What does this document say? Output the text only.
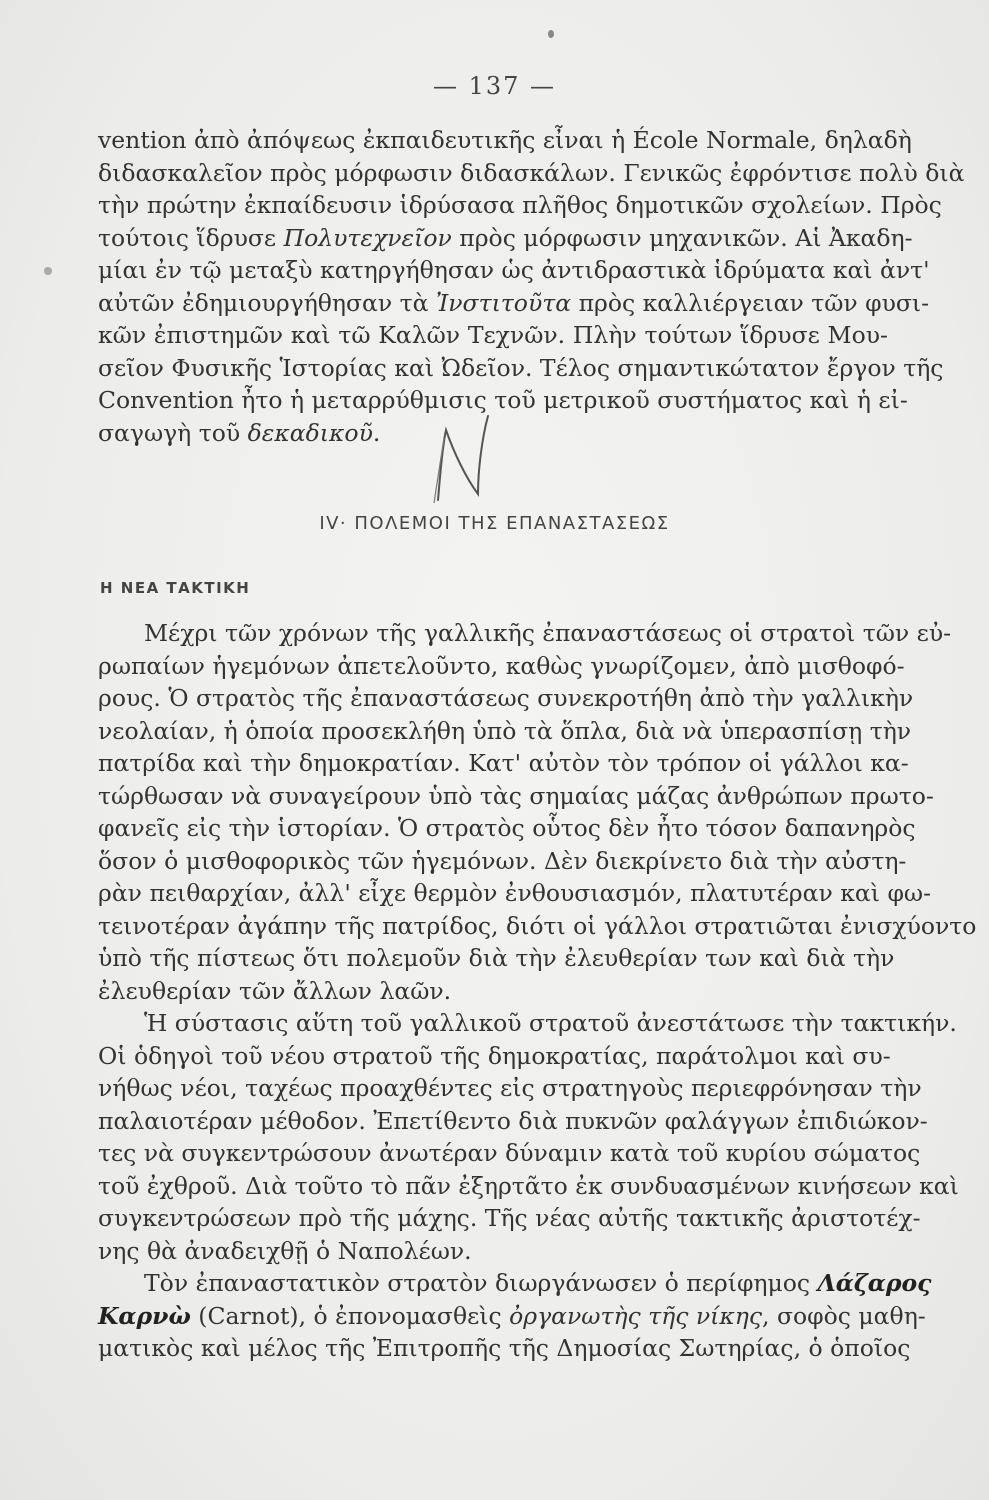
— 137 —
vention ἀπὸ ἀπόψεως ἐκπαιδευτικῆς εἶναι ἡ École Normale, δηλαδὴ
διδασκαλεῖον πρὸς μόρφωσιν διδασκάλων. Γενικῶς ἐφρόντισε πολὺ διὰ
τὴν πρώτην ἐκπαίδευσιν ἱδρύσασα πλῆθος δημοτικῶν σχολείων. Πρὸς
τούτοις ἵδρυσε Πολυτεχνεῖον πρὸς μόρφωσιν μηχανικῶν. Αἱ Ἀκαδη-
μίαι ἐν τῷ μεταξὺ κατηργήθησαν ὡς ἀντιδραστικὰ ἱδρύματα καὶ ἀντ'
αὐτῶν ἐδημιουργήθησαν τὰ Ἰνστιτοῦτα πρὸς καλλιέργειαν τῶν φυσι-
κῶν ἐπιστημῶν καὶ τῶ Καλῶν Τεχνῶν. Πλὴν τούτων ἵδρυσε Μου-
σεῖον Φυσικῆς Ἱστορίας καὶ Ὠδεῖον. Τέλος σημαντικώτατον ἔργον τῆς
Convention ἦτο ἡ μεταρρύθμισις τοῦ μετρικοῦ συστήματος καὶ ἡ εἰ-
σαγωγὴ τοῦ δεκαδικοῦ.
IV· ΠΟΛΕΜΟΙ ΤΗΣ ΕΠΑΝΑΣΤΑΣΕΩΣ
Η ΝΕΑ ΤΑΚΤΙΚΗ
Μέχρι τῶν χρόνων τῆς γαλλικῆς ἐπαναστάσεως οἱ στρατοὶ τῶν εὐ-
ρωπαίων ἡγεμόνων ἀπετελοῦντο, καθὼς γνωρίζομεν, ἀπὸ μισθοφό-
ρους. Ὁ στρατὸς τῆς ἐπαναστάσεως συνεκροτήθη ἀπὸ τὴν γαλλικὴν
νεολαίαν, ἡ ὁποία προσεκλήθη ὑπὸ τὰ ὅπλα, διὰ νὰ ὑπερασπίσῃ τὴν
πατρίδα καὶ τὴν δημοκρατίαν. Κατ' αὐτὸν τὸν τρόπον οἱ γάλλοι κα-
τώρθωσαν νὰ συναγείρουν ὑπὸ τὰς σημαίας μάζας ἀνθρώπων πρωτο-
φανεῖς εἰς τὴν ἱστορίαν. Ὁ στρατὸς οὗτος δὲν ἦτο τόσον δαπανηρὸς
ὅσον ὁ μισθοφορικὸς τῶν ἡγεμόνων. Δὲν διεκρίνετο διὰ τὴν αὐστη-
ρὰν πειθαρχίαν, ἀλλ' εἶχε θερμὸν ἐνθουσιασμόν, πλατυτέραν καὶ φω-
τεινοτέραν ἀγάπην τῆς πατρίδος, διότι οἱ γάλλοι στρατιῶται ἐνισχύοντο
ὑπὸ τῆς πίστεως ὅτι πολεμοῦν διὰ τὴν ἐλευθερίαν των καὶ διὰ τὴν
ἐλευθερίαν τῶν ἄλλων λαῶν.
Ἡ σύστασις αὕτη τοῦ γαλλικοῦ στρατοῦ ἀνεστάτωσε τὴν τακτικήν.
Οἱ ὁδηγοὶ τοῦ νέου στρατοῦ τῆς δημοκρατίας, παράτολμοι καὶ συ-
νήθως νέοι, ταχέως προαχθέντες εἰς στρατηγοὺς περιεφρόνησαν τὴν
παλαιοτέραν μέθοδον. Ἐπετίθεντο διὰ πυκνῶν φαλάγγων ἐπιδιώκον-
τες νὰ συγκεντρώσουν ἀνωτέραν δύναμιν κατὰ τοῦ κυρίου σώματος
τοῦ ἐχθροῦ. Διὰ τοῦτο τὸ πᾶν ἐξηρτᾶτο ἐκ συνδυασμένων κινήσεων καὶ
συγκεντρώσεων πρὸ τῆς μάχης. Τῆς νέας αὐτῆς τακτικῆς ἀριστοτέχ-
νης θὰ ἀναδειχθῇ ὁ Ναπολέων.
Τὸν ἐπαναστατικὸν στρατὸν διωργάνωσεν ὁ περίφημος Λάζαρος
Καρνὼ (Carnot), ὁ ἐπονομασθεὶς ὀργανωτὴς τῆς νίκης, σοφὸς μαθη-
ματικὸς καὶ μέλος τῆς Ἐπιτροπῆς τῆς Δημοσίας Σωτηρίας, ὁ ὁποῖος
